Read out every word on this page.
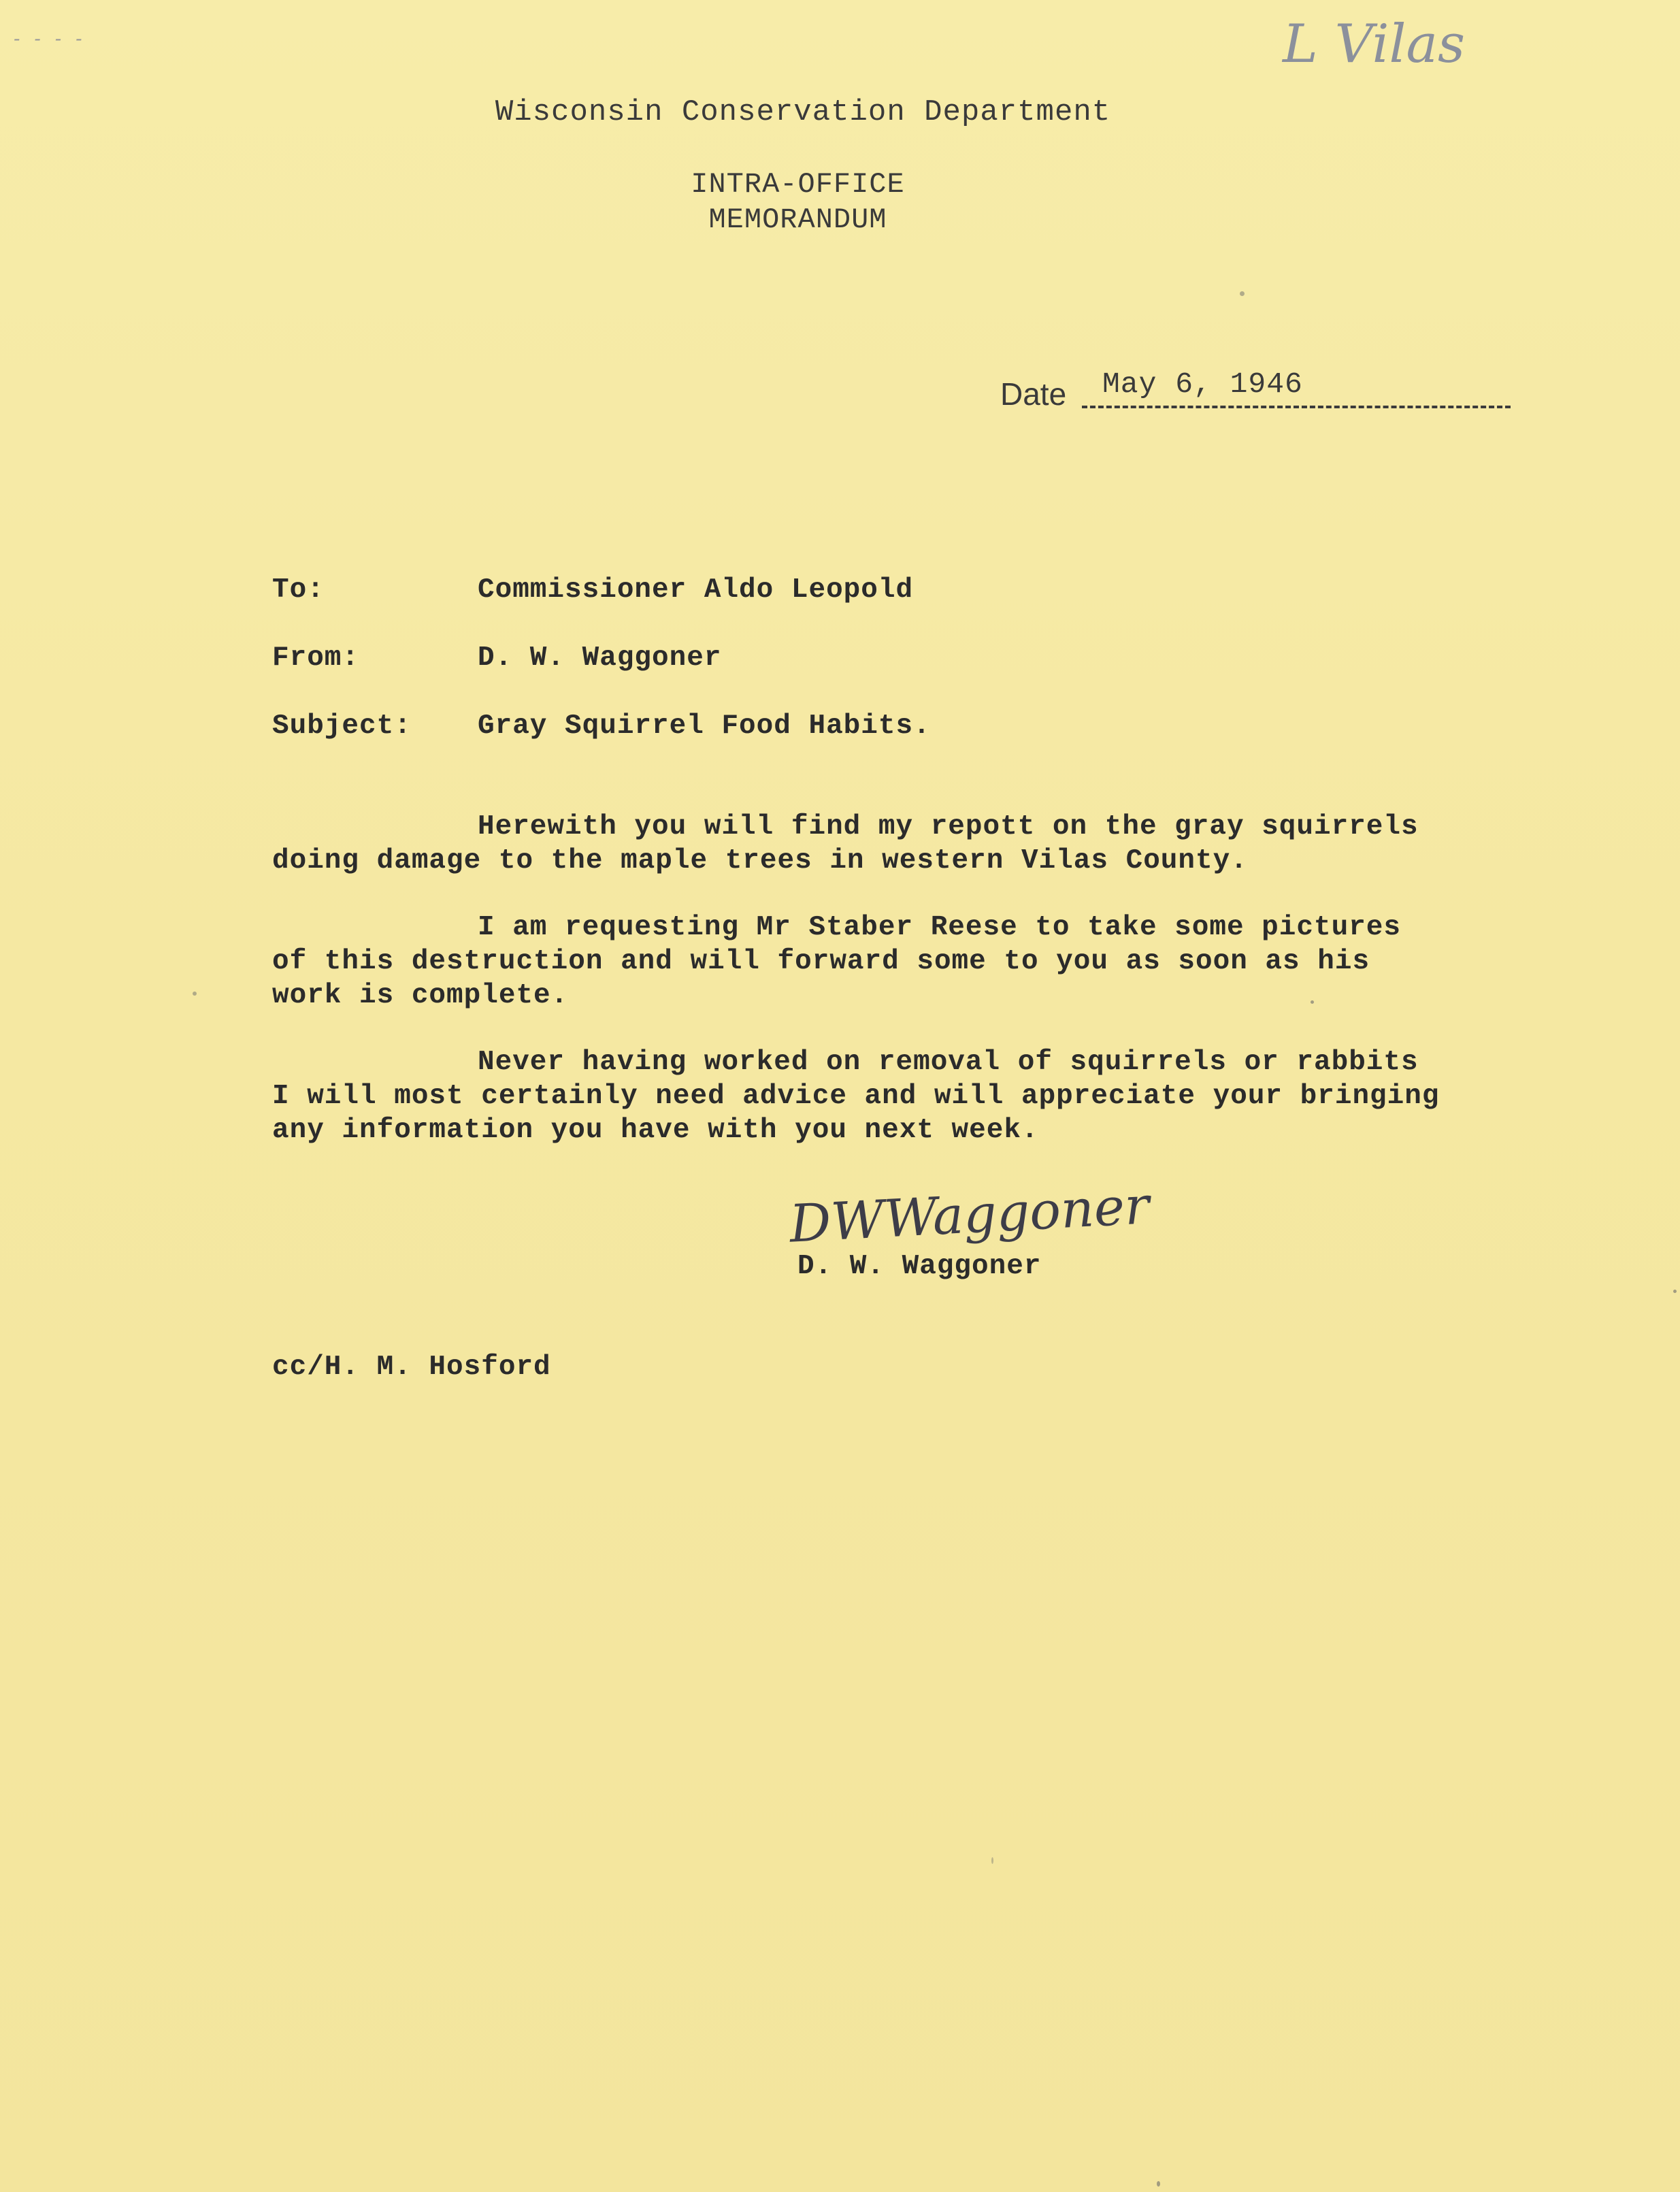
L Vilas
- - - -
Wisconsin Conservation Department
INTRA-OFFICE
MEMORANDUM
Date May 6, 1946
To:	Commissioner Aldo Leopold
From:	D. W. Waggoner
Subject: Gray Squirrel Food Habits.
Herewith you will find my repott on the gray squirrels
doing damage to the maple trees in western Vilas County.
I am requesting Mr Staber Reese to take some pictures
of this destruction and will forward some to you as soon as his
work is complete.
Never having worked on removal of squirrels or rabbits
I will most certainly need advice and will appreciate your bringing
any information you have with you next week.
DWWaggoner
D. W. Waggoner
cc/H. M. Hosford
